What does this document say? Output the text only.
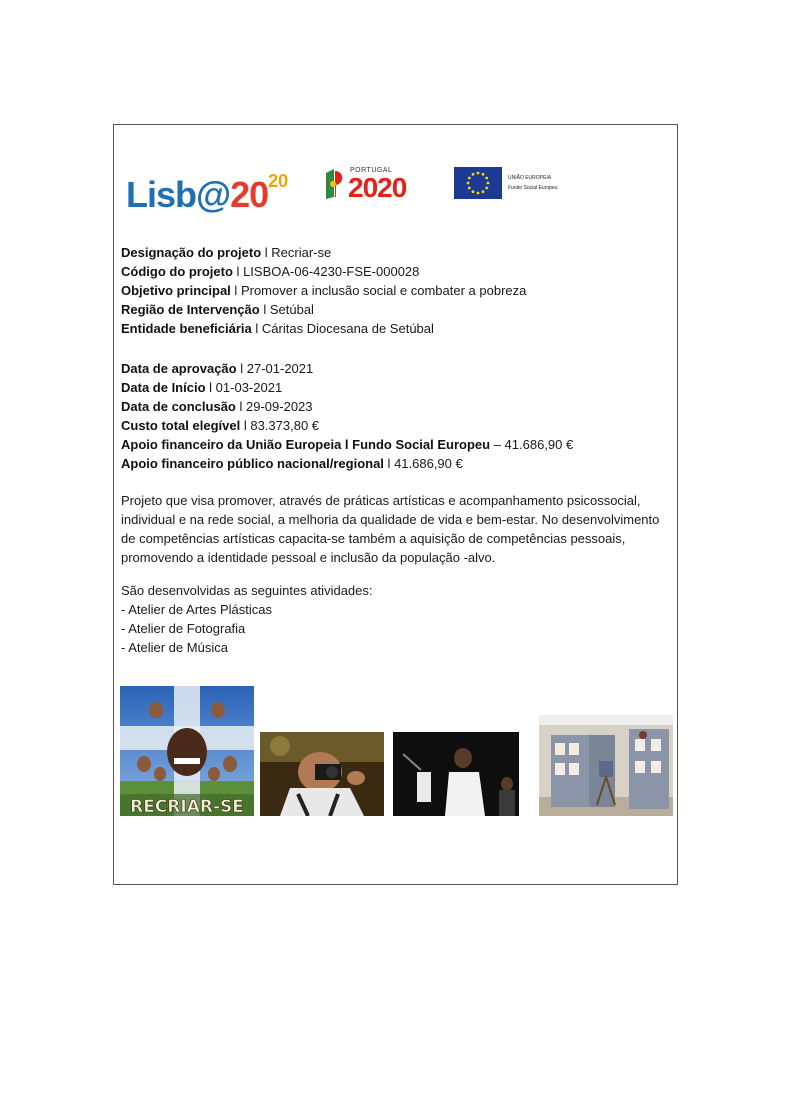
$Lisb@20^{20}$
PORTUGAL
2020	UNIÃO EUROPEIA
Fundo Social Europeu

Designação do projeto l Recriar-se

Código do projeto l LISBOA-06-4230-FSE-000028

Objetivo principal l Promover a inclusão social e combater a pobreza

Região de Intervenção l Setúbal

Entidade beneficiária l Cáritas Diocesana de Setúbal

Data de aprovação l 27-01-2021

Data de Início l 01-03-2021

Data de conclusão l 29-09-2023

Custo total elegível l 83.373,80 €

Apoio financeiro da União Europeia l Fundo Social Europeu – 41.686,90 €

Apoio financeiro público nacional/regional l 41.686,90 €

Projeto que visa promover, através de práticas artísticas e acompanhamento psicossocial, individual e na rede social, a melhoria da qualidade de vida e bem-estar. No desenvolvimento de competências artísticas capacita-se também a aquisição de competências pessoais, promovendo a identidade pessoal e inclusão da população -alvo.

São desenvolvidas as seguintes atividades:

- Atelier de Artes Plásticas

- Atelier de Fotografia

- Atelier de Música

RECRIAR-SE
